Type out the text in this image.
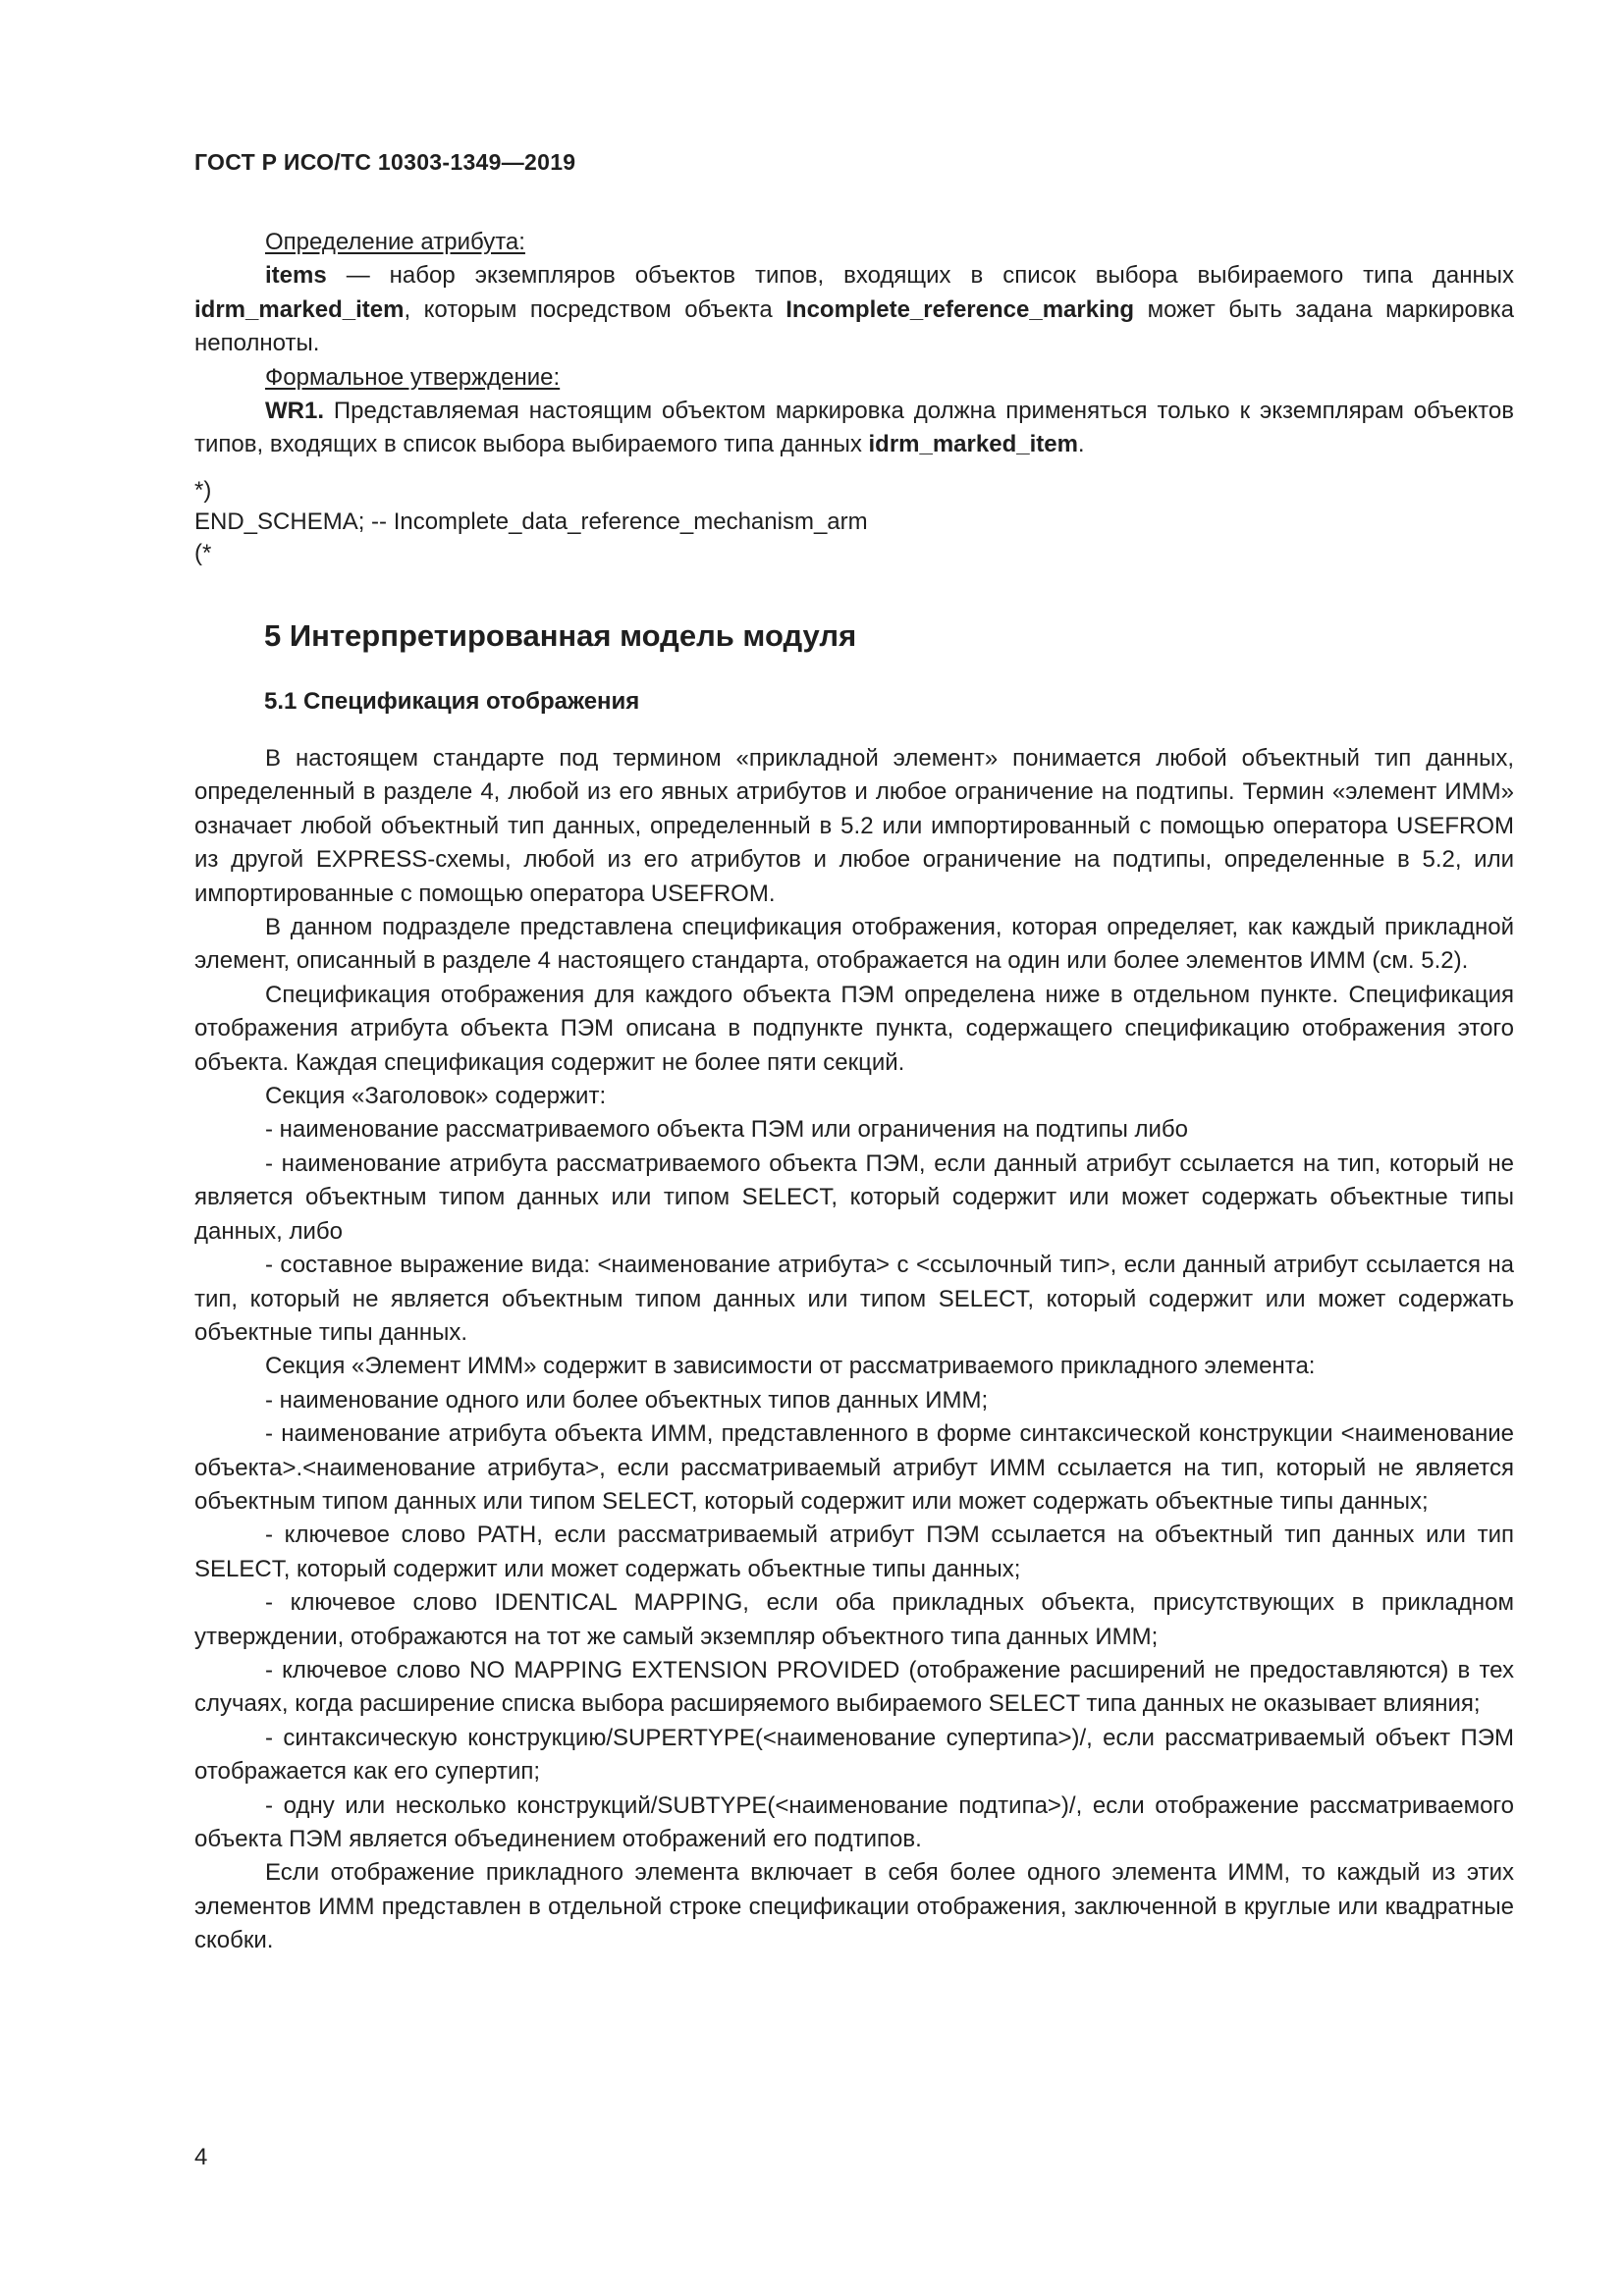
ГОСТ Р ИСО/ТС 10303-1349—2019

Определение атрибута:

items — набор экземпляров объектов типов, входящих в список выбора выбираемого типа данных idrm_marked_item, которым посредством объекта Incomplete_reference_marking может быть задана маркировка неполноты.

Формальное утверждение:

WR1. Представляемая настоящим объектом маркировка должна применяться только к экземплярам объектов типов, входящих в список выбора выбираемого типа данных idrm_marked_item.

*)

END_SCHEMA; -- Incomplete_data_reference_mechanism_arm

(*

5 Интерпретированная модель модуля
5.1 Спецификация отображения

В настоящем стандарте под термином «прикладной элемент» понимается любой объектный тип данных, определенный в разделе 4, любой из его явных атрибутов и любое ограничение на подтипы. Термин «элемент ИММ» означает любой объектный тип данных, определенный в 5.2 или импортированный с помощью оператора USEFROM из другой EXPRESS-схемы, любой из его атрибутов и любое ограничение на подтипы, определенные в 5.2, или импортированные с помощью оператора USEFROM.

В данном подразделе представлена спецификация отображения, которая определяет, как каждый прикладной элемент, описанный в разделе 4 настоящего стандарта, отображается на один или более элементов ИММ (см. 5.2).

Спецификация отображения для каждого объекта ПЭМ определена ниже в отдельном пункте. Спецификация отображения атрибута объекта ПЭМ описана в подпункте пункта, содержащего спецификацию отображения этого объекта. Каждая спецификация содержит не более пяти секций.

Секция «Заголовок» содержит:

- наименование рассматриваемого объекта ПЭМ или ограничения на подтипы либо

- наименование атрибута рассматриваемого объекта ПЭМ, если данный атрибут ссылается на тип, который не является объектным типом данных или типом SELECT, который содержит или может содержать объектные типы данных, либо

- составное выражение вида: <наименование атрибута> с <ссылочный тип>, если данный атрибут ссылается на тип, который не является объектным типом данных или типом SELECT, который содержит или может содержать объектные типы данных.

Секция «Элемент ИММ» содержит в зависимости от рассматриваемого прикладного элемента:

- наименование одного или более объектных типов данных ИММ;

- наименование атрибута объекта ИММ, представленного в форме синтаксической конструкции <наименование объекта>.<наименование атрибута>, если рассматриваемый атрибут ИММ ссылается на тип, который не является объектным типом данных или типом SELECT, который содержит или может содержать объектные типы данных;

- ключевое слово PATH, если рассматриваемый атрибут ПЭМ ссылается на объектный тип данных или тип SELECT, который содержит или может содержать объектные типы данных;

- ключевое слово IDENTICAL MAPPING, если оба прикладных объекта, присутствующих в прикладном утверждении, отображаются на тот же самый экземпляр объектного типа данных ИММ;

- ключевое слово NO MAPPING EXTENSION PROVIDED (отображение расширений не предоставляются) в тех случаях, когда расширение списка выбора расширяемого выбираемого SELECT типа данных не оказывает влияния;

- синтаксическую конструкцию/SUPERTYPE(<наименование супертипа>)/, если рассматриваемый объект ПЭМ отображается как его супертип;

- одну или несколько конструкций/SUBTYPE(<наименование подтипа>)/, если отображение рассматриваемого объекта ПЭМ является объединением отображений его подтипов.

Если отображение прикладного элемента включает в себя более одного элемента ИММ, то каждый из этих элементов ИММ представлен в отдельной строке спецификации отображения, заключенной в круглые или квадратные скобки.

4
